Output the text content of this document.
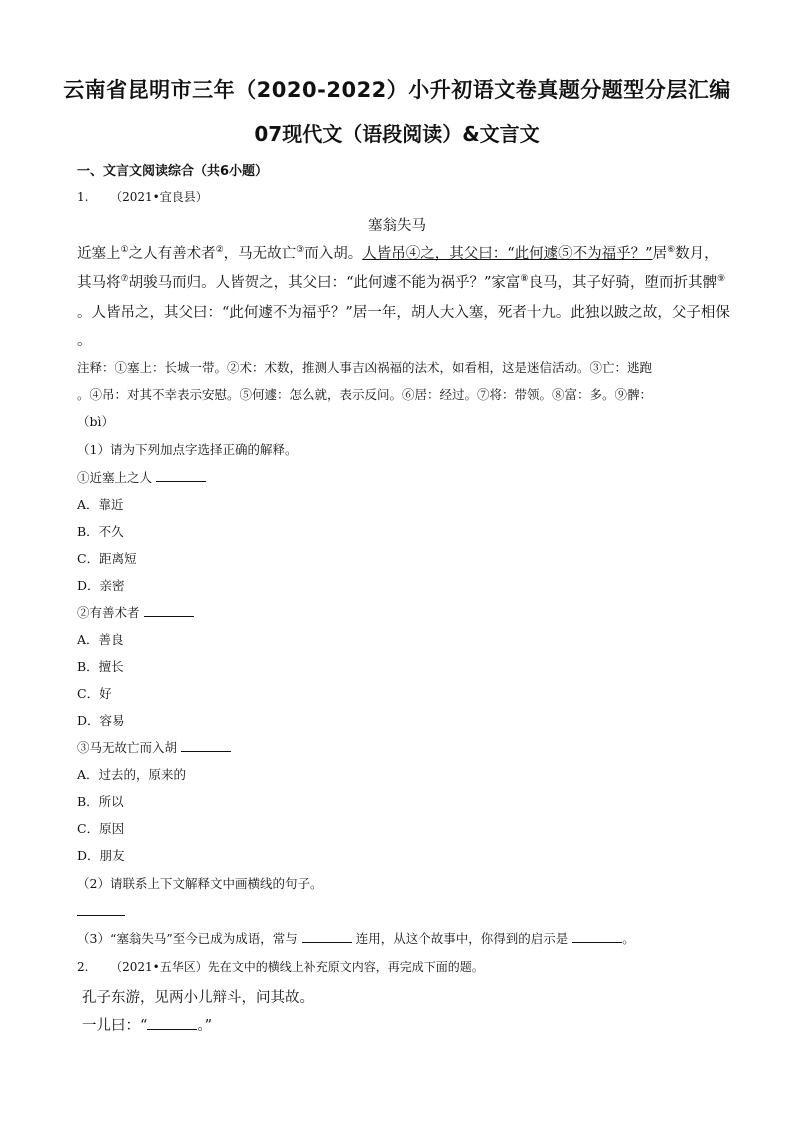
云南省昆明市三年（2020-2022）小升初语文卷真题分题型分层汇编
07现代文（语段阅读）&文言文
一、文言文阅读综合（共6小题）
1. （2021•宜良县）
塞翁失马
近塞上①之人有善术者②，马无故亡③而入胡。人皆吊④之，其父曰：“此何遽⑤不为福乎？”居⑥数月，
其马将⑦胡骏马而归。人皆贺之，其父曰：“此何遽不能为祸乎？”家富⑧良马，其子好骑，堕而折其髀⑨
。人皆吊之，其父曰：“此何遽不为福乎？”居一年，胡人大入塞，死者十九。此独以跛之故，父子相保
。
注释：①塞上：长城一带。②术：术数，推测人事吉凶祸福的法术，如看相，这是迷信活动。③亡：逃跑
。④吊：对其不幸表示安慰。⑤何遽：怎么就，表示反问。⑥居：经过。⑦将：带领。⑧富：多。⑨髀：
（bì）
（1）请为下列加点字选择正确的解释。
①近塞上之人
A．靠近
B．不久
C．距离短
D．亲密
②有善术者
A．善良
B．擅长
C．好
D．容易
③马无故亡而入胡
A．过去的，原来的
B．所以
C．原因
D．朋友
（2）请联系上下文解释文中画横线的句子。
（3）“塞翁失马”至今已成为成语，常与	连用，从这个故事中，你得到的启示是	。
2. （2021•五华区）先在文中的横线上补充原文内容，再完成下面的题。
孔子东游，见两小儿辩斗，问其故。
一儿曰：“	。”
